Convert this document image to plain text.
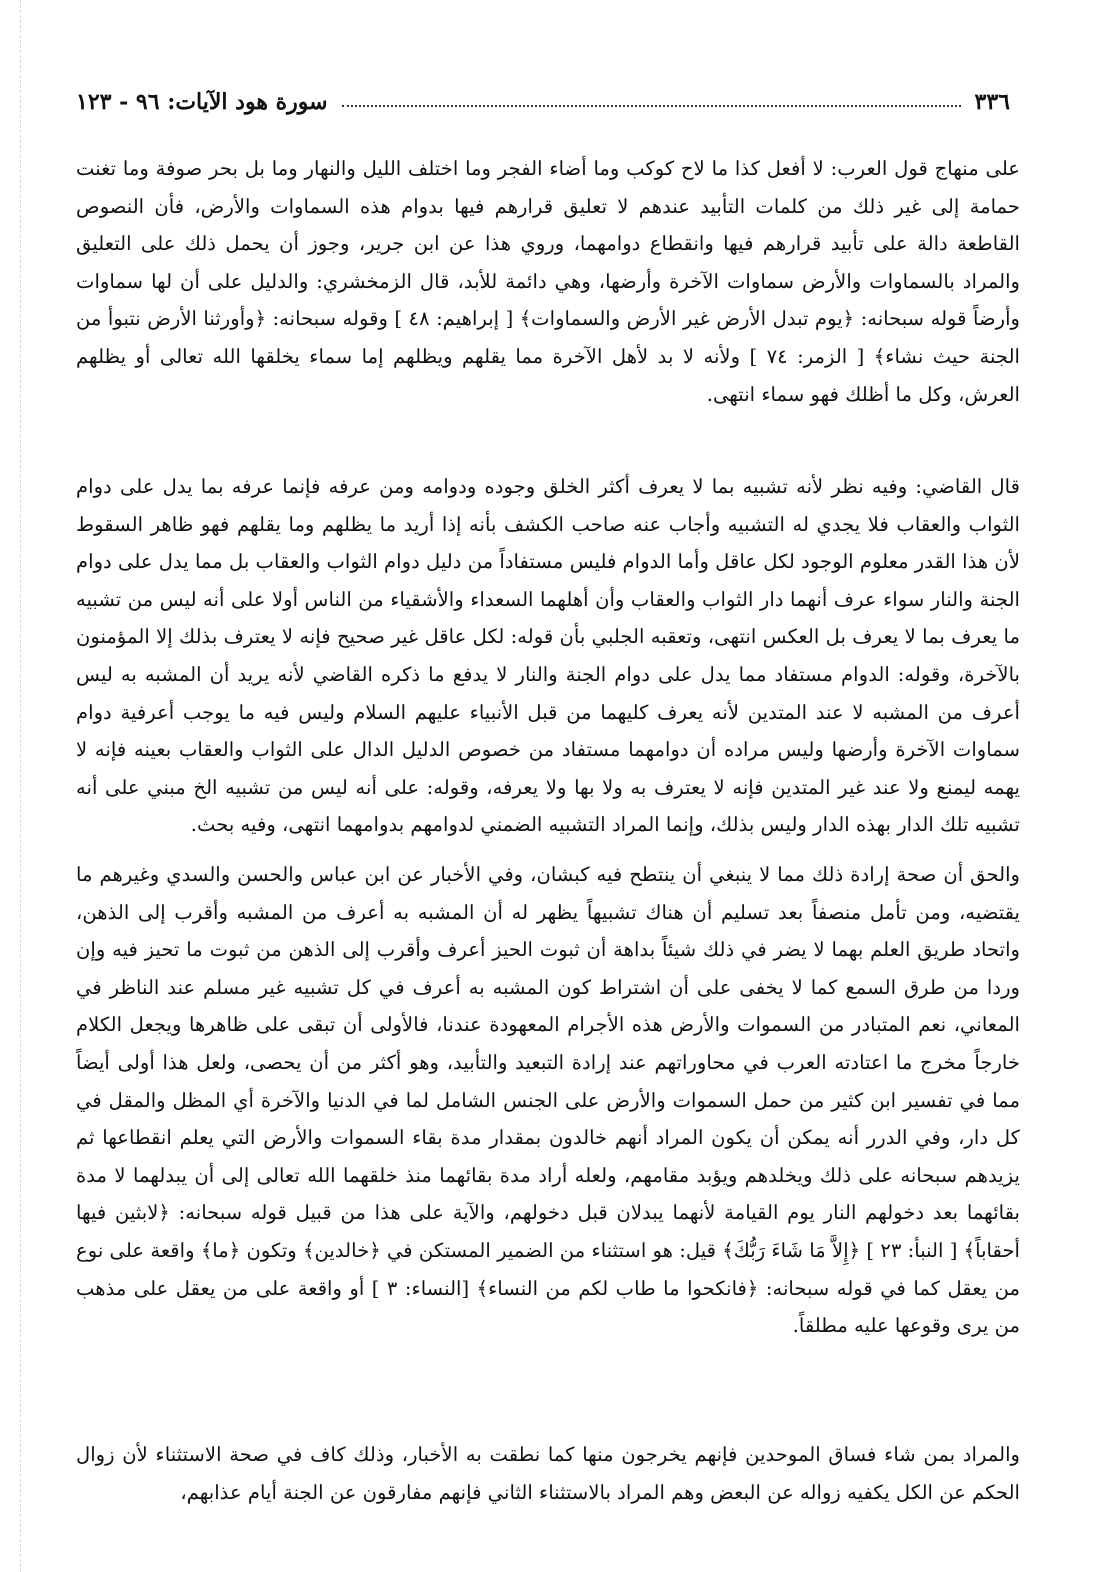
٣٣٦
سورة هود الآيات: ٩٦ - ١٢٣

على منهاج قول العرب: لا أفعل كذا ما لاح كوكب وما أضاء الفجر وما اختلف الليل والنهار وما بل بحر صوفة وما تغنت حمامة إلى غير ذلك من كلمات التأبيد عندهم لا تعليق قرارهم فيها بدوام هذه السماوات والأرض، فأن النصوص القاطعة دالة على تأبيد قرارهم فيها وانقطاع دوامهما، وروي هذا عن ابن جرير، وجوز أن يحمل ذلك على التعليق والمراد بالسماوات والأرض سماوات الآخرة وأرضها، وهي دائمة للأبد، قال الزمخشري: والدليل على أن لها سماوات وأرضاً قوله سبحانه: ﴿يوم تبدل الأرض غير الأرض والسماوات﴾ [ إبراهيم: ٤٨ ] وقوله سبحانه: ﴿وأورثنا الأرض نتبوأ من الجنة حيث نشاء﴾ [ الزمر: ٧٤ ] ولأنه لا بد لأهل الآخرة مما يقلهم ويظلهم إما سماء يخلقها الله تعالى أو يظلهم العرش، وكل ما أظلك فهو سماء انتهى.

قال القاضي: وفيه نظر لأنه تشبيه بما لا يعرف أكثر الخلق وجوده ودوامه ومن عرفه فإنما عرفه بما يدل على دوام الثواب والعقاب فلا يجدي له التشبيه وأجاب عنه صاحب الكشف بأنه إذا أريد ما يظلهم وما يقلهم فهو ظاهر السقوط لأن هذا القدر معلوم الوجود لكل عاقل وأما الدوام فليس مستفاداً من دليل دوام الثواب والعقاب بل مما يدل على دوام الجنة والنار سواء عرف أنهما دار الثواب والعقاب وأن أهلهما السعداء والأشقياء من الناس أولا على أنه ليس من تشبيه ما يعرف بما لا يعرف بل العكس انتهى، وتعقبه الجلبي بأن قوله: لكل عاقل غير صحيح فإنه لا يعترف بذلك إلا المؤمنون بالآخرة، وقوله: الدوام مستفاد مما يدل على دوام الجنة والنار لا يدفع ما ذكره القاضي لأنه يريد أن المشبه به ليس أعرف من المشبه لا عند المتدين لأنه يعرف كليهما من قبل الأنبياء عليهم السلام وليس فيه ما يوجب أعرفية دوام سماوات الآخرة وأرضها وليس مراده أن دوامهما مستفاد من خصوص الدليل الدال على الثواب والعقاب بعينه فإنه لا يهمه ليمنع ولا عند غير المتدين فإنه لا يعترف به ولا بها ولا يعرفه، وقوله: على أنه ليس من تشبيه الخ مبني على أنه تشبيه تلك الدار بهذه الدار وليس بذلك، وإنما المراد التشبيه الضمني لدوامهم بدوامهما انتهى، وفيه بحث.

والحق أن صحة إرادة ذلك مما لا ينبغي أن ينتطح فيه كبشان، وفي الأخبار عن ابن عباس والحسن والسدي وغيرهم ما يقتضيه، ومن تأمل منصفاً بعد تسليم أن هناك تشبيهاً يظهر له أن المشبه به أعرف من المشبه وأقرب إلى الذهن، واتحاد طريق العلم بهما لا يضر في ذلك شيئاً بداهة أن ثبوت الحيز أعرف وأقرب إلى الذهن من ثبوت ما تحيز فيه وإن وردا من طرق السمع كما لا يخفى على أن اشتراط كون المشبه به أعرف في كل تشبيه غير مسلم عند الناظر في المعاني، نعم المتبادر من السموات والأرض هذه الأجرام المعهودة عندنا، فالأولى أن تبقى على ظاهرها ويجعل الكلام خارجاً مخرج ما اعتادته العرب في محاوراتهم عند إرادة التبعيد والتأبيد، وهو أكثر من أن يحصى، ولعل هذا أولى أيضاً مما في تفسير ابن كثير من حمل السموات والأرض على الجنس الشامل لما في الدنيا والآخرة أي المظل والمقل في كل دار، وفي الدرر أنه يمكن أن يكون المراد أنهم خالدون بمقدار مدة بقاء السموات والأرض التي يعلم انقطاعها ثم يزيدهم سبحانه على ذلك ويخلدهم ويؤبد مقامهم، ولعله أراد مدة بقائهما منذ خلقهما الله تعالى إلى أن يبدلهما لا مدة بقائهما بعد دخولهم النار يوم القيامة لأنهما يبدلان قبل دخولهم، والآية على هذا من قبيل قوله سبحانه: ﴿لابثين فيها أحقاباً﴾ [ النبأ: ٢٣ ] ﴿إِلاَّ مَا شَاءَ رَبُّكَ﴾ قيل: هو استثناء من الضمير المستكن في ﴿خالدين﴾ وتكون ﴿ما﴾ واقعة على نوع من يعقل كما في قوله سبحانه: ﴿فانكحوا ما طاب لكم من النساء﴾ [النساء: ٣ ] أو واقعة على من يعقل على مذهب من يرى وقوعها عليه مطلقاً.

والمراد بمن شاء فساق الموحدين فإنهم يخرجون منها كما نطقت به الأخبار، وذلك كاف في صحة الاستثناء لأن زوال الحكم عن الكل يكفيه زواله عن البعض وهم المراد بالاستثناء الثاني فإنهم مفارقون عن الجنة أيام عذابهم،
